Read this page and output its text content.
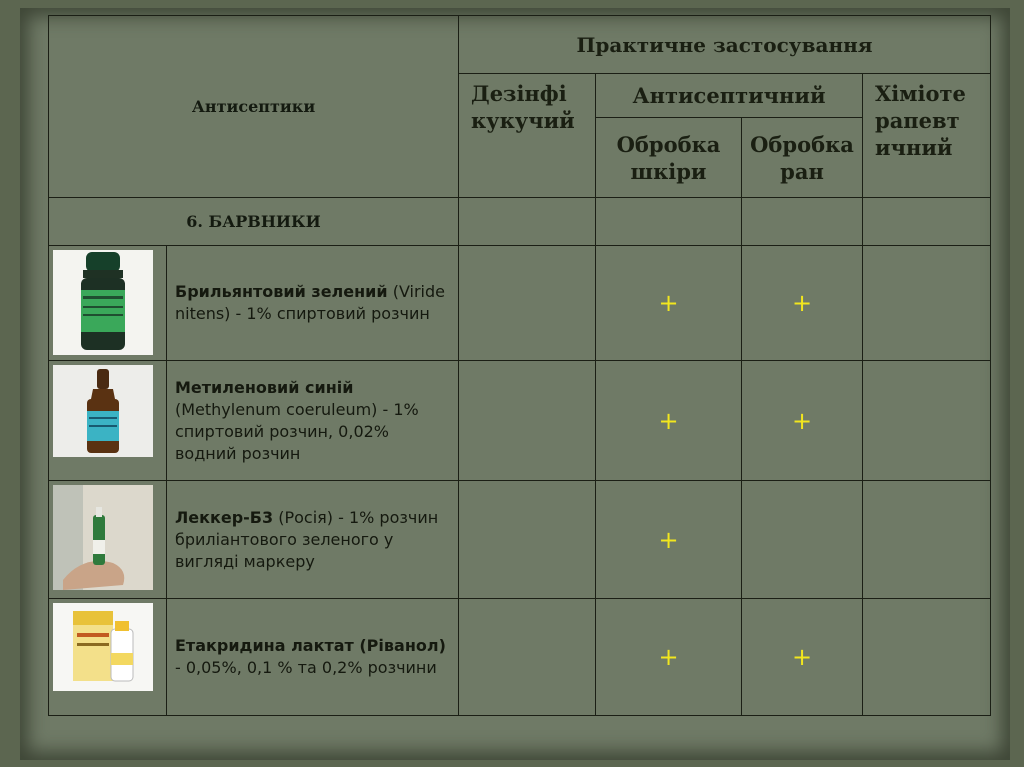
Антисептики		Практичне застосування			
		Дезінфі кукучий	Антисептичний		Хіміоте рапевт ичний
			Обробка шкіри	Обробка ран	
6. БАРВНИКИ					

	Брильянтовий зелений (Viride nitens) - 1% спиртовий розчин		+	+	

	Метиленовий синій (Methylenum coeruleum) - 1% спиртовий розчин, 0,02% водний розчин		+	+	

	Леккер-Б3 (Росія) - 1% розчин бриліантового зеленого у вигляді маркеру		+		

	Етакридина лактат (Ріванол) - 0,05%, 0,1 % та 0,2% розчини		+	+	
